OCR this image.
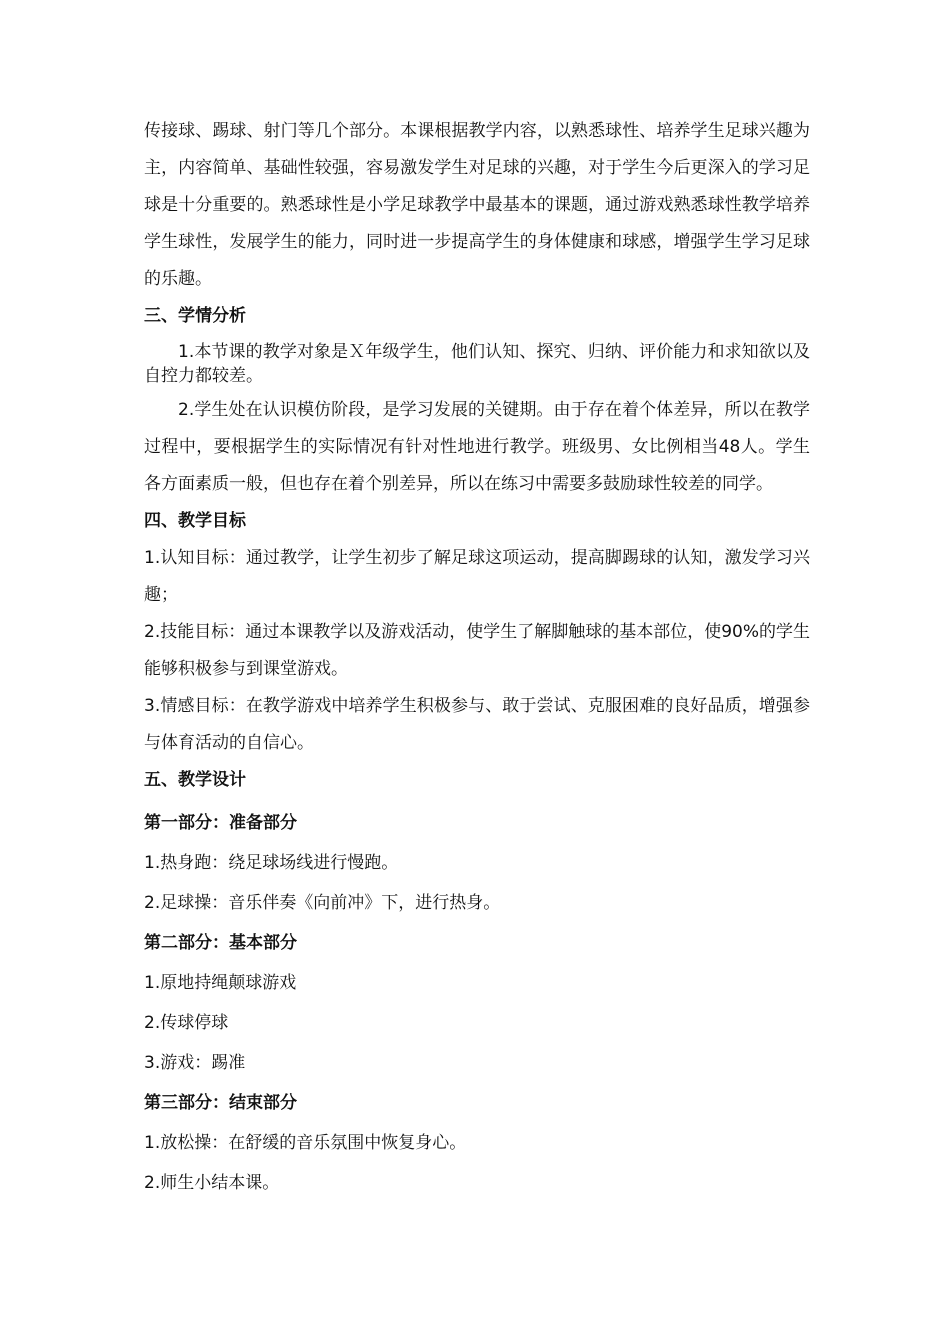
传接球、踢球、射门等几个部分。本课根据教学内容，以熟悉球性、培养学生足球兴趣为主，内容简单、基础性较强，容易激发学生对足球的兴趣，对于学生今后更深入的学习足球是十分重要的。熟悉球性是小学足球教学中最基本的课题，通过游戏熟悉球性教学培养学生球性，发展学生的能力，同时进一步提高学生的身体健康和球感，增强学生学习足球的乐趣。

三、学情分析

1.本节课的教学对象是Ｘ年级学生，他们认知、探究、归纳、评价能力和求知欲以及自控力都较差。

2.学生处在认识模仿阶段，是学习发展的关键期。由于存在着个体差异，所以在教学过程中，要根据学生的实际情况有针对性地进行教学。班级男、女比例相当48人。学生各方面素质一般，但也存在着个别差异，所以在练习中需要多鼓励球性较差的同学。

四、教学目标

1.认知目标：通过教学，让学生初步了解足球这项运动，提高脚踢球的认知，激发学习兴趣；

2.技能目标：通过本课教学以及游戏活动，使学生了解脚触球的基本部位，使90%的学生能够积极参与到课堂游戏。

3.情感目标：在教学游戏中培养学生积极参与、敢于尝试、克服困难的良好品质，增强参与体育活动的自信心。

五、教学设计
第一部分：准备部分

1.热身跑：绕足球场线进行慢跑。

2.足球操：音乐伴奏《向前冲》下，进行热身。

第二部分：基本部分

1.原地持绳颠球游戏

2.传球停球

3.游戏：踢准

第三部分：结束部分

1.放松操：在舒缓的音乐氛围中恢复身心。

2.师生小结本课。
